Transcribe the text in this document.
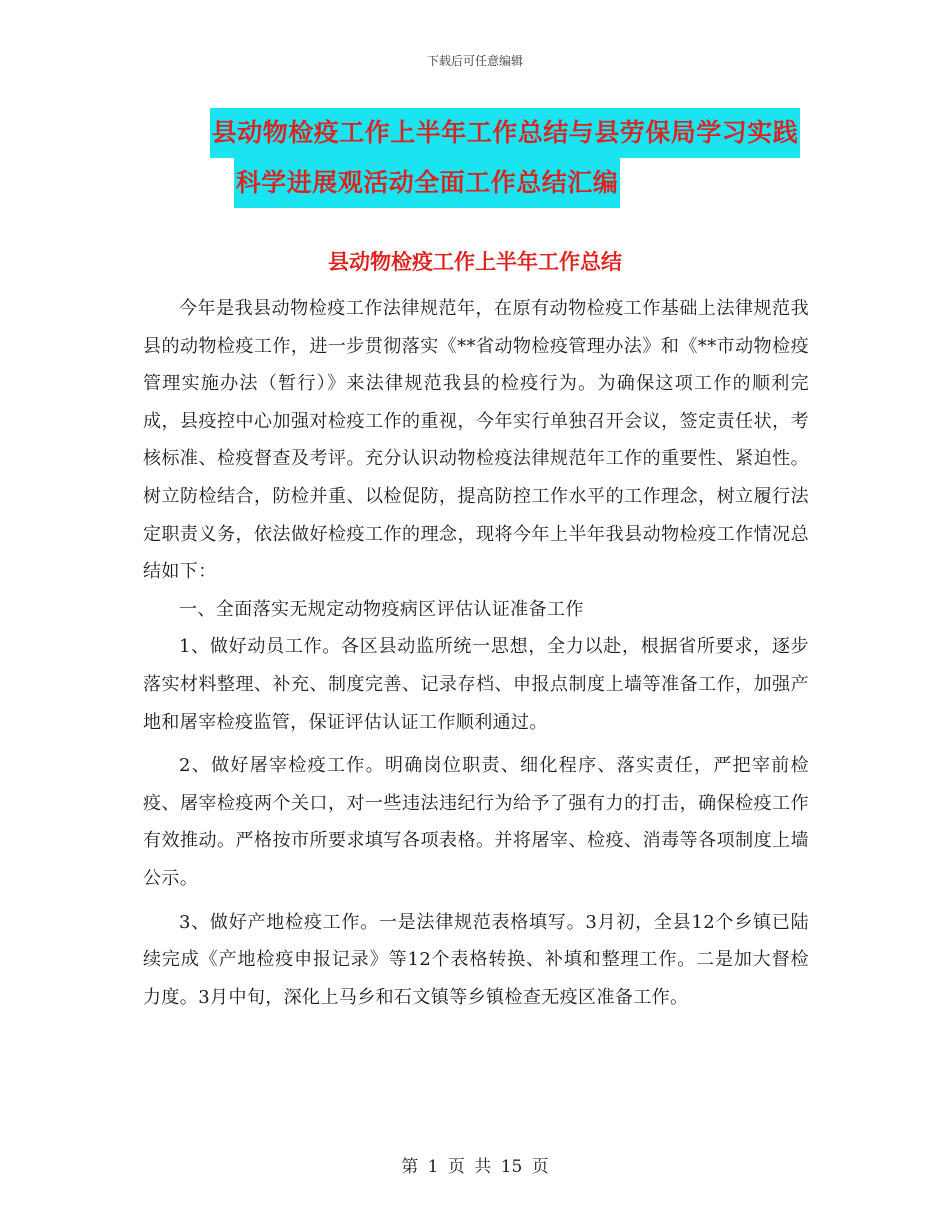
下载后可任意编辑
县动物检疫工作上半年工作总结与县劳保局学习实践
科学进展观活动全面工作总结汇编
县动物检疫工作上半年工作总结

今年是我县动物检疫工作法律规范年，在原有动物检疫工作基础上法律规范我县的动物检疫工作，进一步贯彻落实《**省动物检疫管理办法》和《**市动物检疫管理实施办法（暂行）》来法律规范我县的检疫行为。为确保这项工作的顺利完成，县疫控中心加强对检疫工作的重视，今年实行单独召开会议，签定责任状，考核标准、检疫督查及考评。充分认识动物检疫法律规范年工作的重要性、紧迫性。树立防检结合，防检并重、以检促防，提高防控工作水平的工作理念，树立履行法定职责义务，依法做好检疫工作的理念，现将今年上半年我县动物检疫工作情况总结如下：

一、全面落实无规定动物疫病区评估认证准备工作

1、做好动员工作。各区县动监所统一思想，全力以赴，根据省所要求，逐步落实材料整理、补充、制度完善、记录存档、申报点制度上墙等准备工作，加强产地和屠宰检疫监管，保证评估认证工作顺利通过。

2、做好屠宰检疫工作。明确岗位职责、细化程序、落实责任，严把宰前检疫、屠宰检疫两个关口，对一些违法违纪行为给予了强有力的打击，确保检疫工作有效推动。严格按市所要求填写各项表格。并将屠宰、检疫、消毒等各项制度上墙公示。

3、做好产地检疫工作。一是法律规范表格填写。3月初，全县12个乡镇已陆续完成《产地检疫申报记录》等12个表格转换、补填和整理工作。二是加大督检力度。3月中旬，深化上马乡和石文镇等乡镇检查无疫区准备工作。

第 1 页 共 15 页
